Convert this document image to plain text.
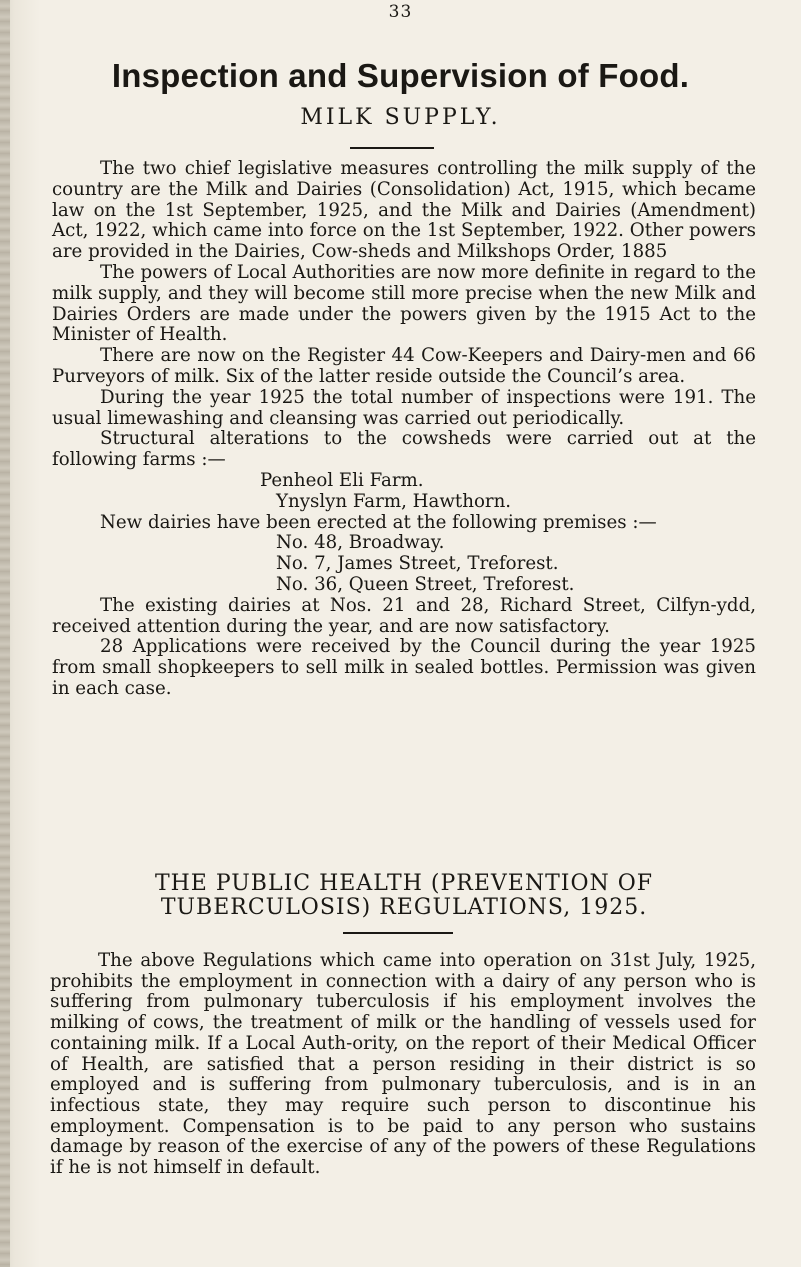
33
Inspection and Supervision of Food.
MILK SUPPLY.

The two chief legislative measures controlling the milk supply of the country are the Milk and Dairies (Consolidation) Act, 1915, which became law on the 1st September, 1925, and the Milk and Dairies (Amendment) Act, 1922, which came into force on the 1st September, 1922. Other powers are provided in the Dairies, Cow-sheds and Milkshops Order, 1885

The powers of Local Authorities are now more definite in regard to the milk supply, and they will become still more precise when the new Milk and Dairies Orders are made under the powers given by the 1915 Act to the Minister of Health.

There are now on the Register 44 Cow-Keepers and Dairy-men and 66 Purveyors of milk. Six of the latter reside outside the Council’s area.

During the year 1925 the total number of inspections were 191. The usual limewashing and cleansing was carried out periodically.

Structural alterations to the cowsheds were carried out at the following farms :—

Penheol Eli Farm.
Ynyslyn Farm, Hawthorn.

New dairies have been erected at the following premises :—

No. 48, Broadway.
No. 7, James Street, Treforest.
No. 36, Queen Street, Treforest.

The existing dairies at Nos. 21 and 28, Richard Street, Cilfyn-ydd, received attention during the year, and are now satisfactory.

28 Applications were received by the Council during the year 1925 from small shopkeepers to sell milk in sealed bottles. Permission was given in each case.

THE PUBLIC HEALTH (PREVENTION OF
TUBERCULOSIS) REGULATIONS, 1925.

The above Regulations which came into operation on 31st July, 1925, prohibits the employment in connection with a dairy of any person who is suffering from pulmonary tuberculosis if his employment involves the milking of cows, the treatment of milk or the handling of vessels used for containing milk. If a Local Auth-ority, on the report of their Medical Officer of Health, are satisfied that a person residing in their district is so employed and is suffering from pulmonary tuberculosis, and is in an infectious state, they may require such person to discontinue his employment. Compensation is to be paid to any person who sustains damage by reason of the exercise of any of the powers of these Regulations if he is not himself in default.
